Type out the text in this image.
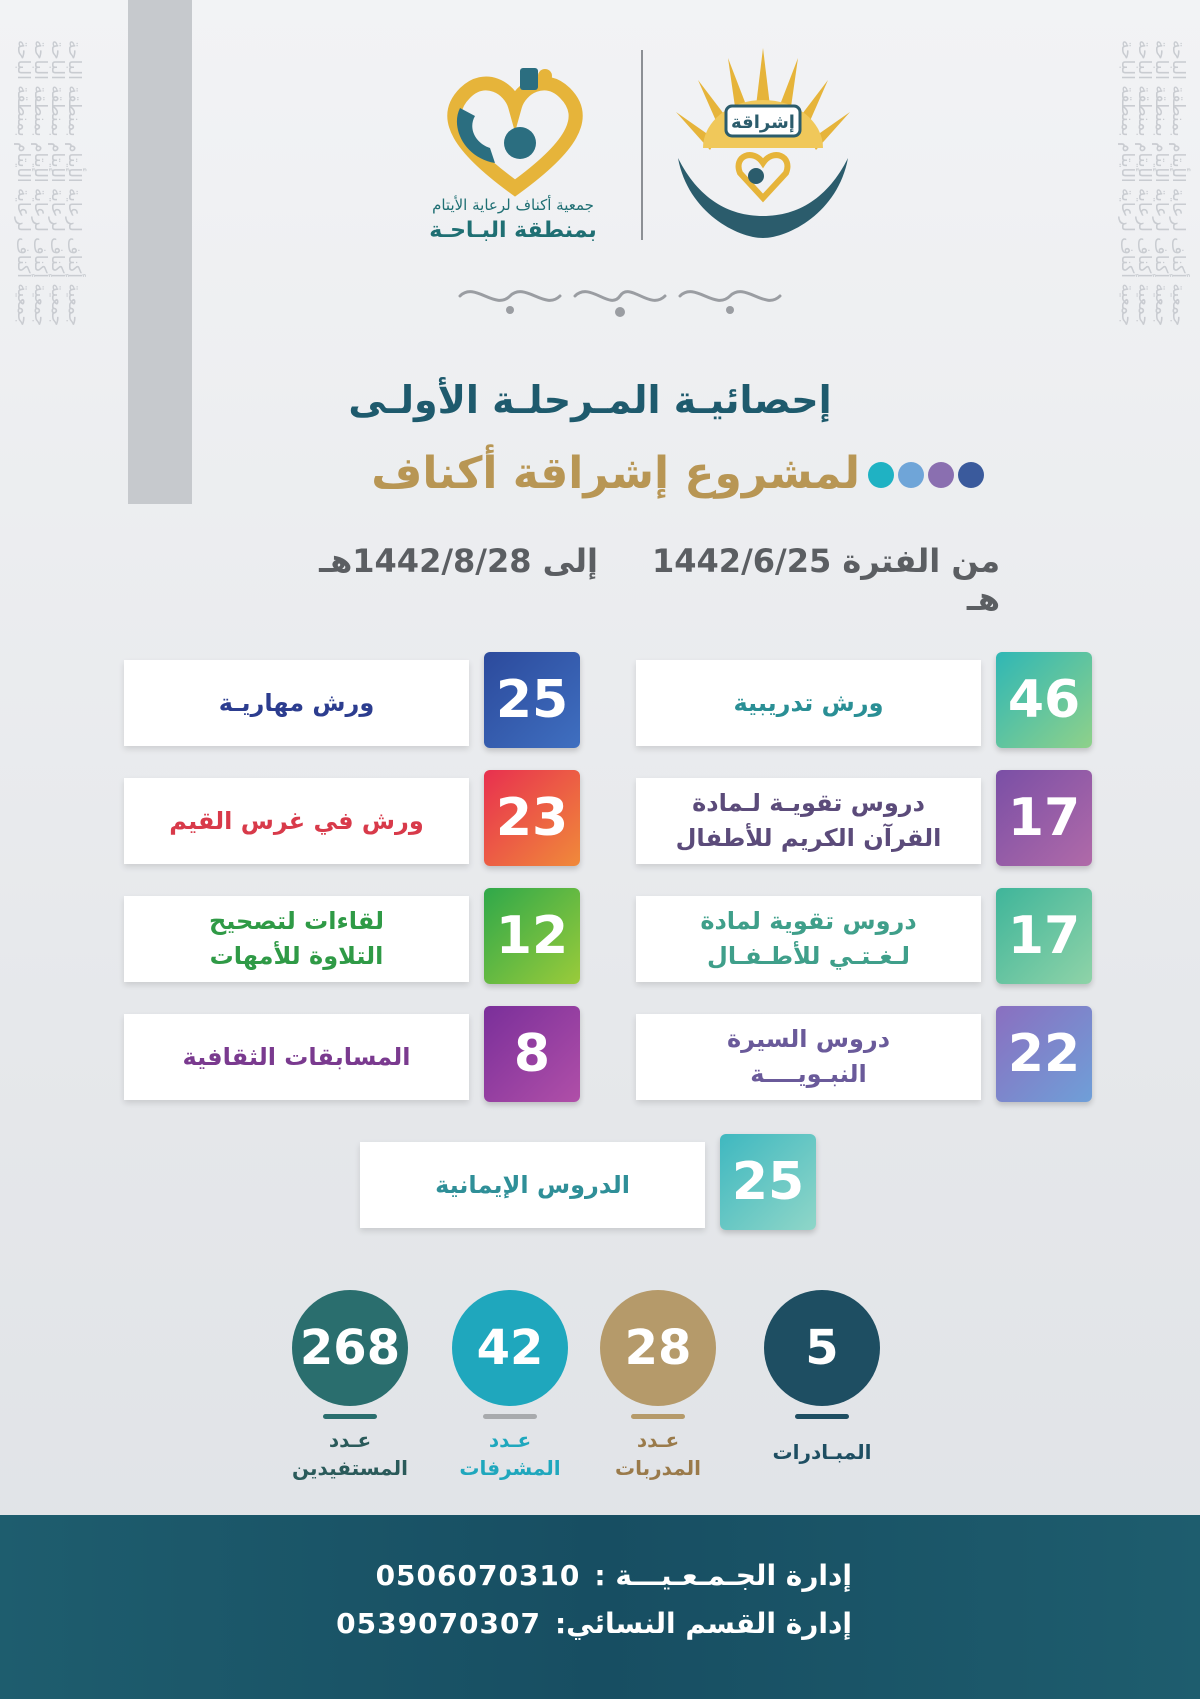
جمعية أكناف لرعاية الأيتام بمنطقة الباحة
جمعية أكناف لرعاية الأيتام بمنطقة الباحة
جمعية أكناف لرعاية الأيتام بمنطقة الباحة
جمعية أكناف لرعاية الأيتام بمنطقة الباحة	جمعية أكناف لرعاية الأيتام بمنطقة الباحة
جمعية أكناف لرعاية الأيتام بمنطقة الباحة
جمعية أكناف لرعاية الأيتام بمنطقة الباحة
جمعية أكناف لرعاية الأيتام بمنطقة الباحة
إشراقة
جمعية أكناف لرعاية الأيتام
بمنطقة البـاحـة
إحصائيـة المـرحلـة الأولـى
لمشروع إشراقة أكناف
من الفترة 1442/6/25 هـ
إلى 1442/8/28هـ
ورش تدريبية 46
ورش مهاريـة 25
دروس تقويـة لـمادة
القرآن الكريم للأطفال 17
ورش في غرس القيم 23
دروس تقوية لمادة
لـغـتـي للأطـفـال 17
لقاءات لتصحيح
التلاوة للأمهات 12
دروس السيرة
النبـويــــة	22
المسابقات الثقافية	8
الدروس الإيمانية 25
5
المبـادرات
28
عـدد
المدربات
42
عـدد
المشرفات
268
عـدد
المستفيدين
إدارة الجـمـعـيـــة :
0506070310
إدارة القسم النسائي:
0539070307
